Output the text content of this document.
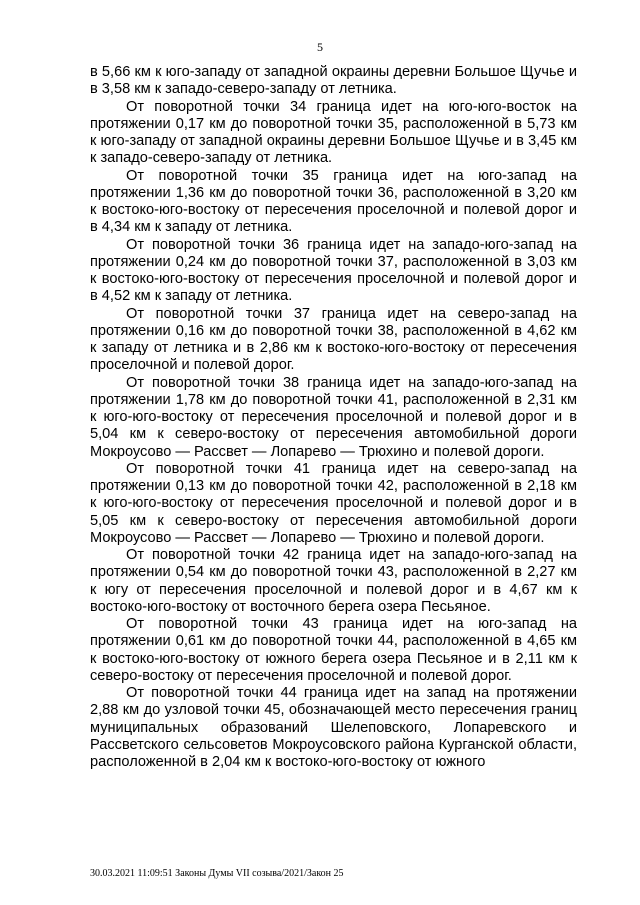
5

в 5,66 км к юго-западу от западной окраины деревни Большое Щучье и в 3,58 км к западо-северо-западу от летника.

От поворотной точки 34 граница идет на юго-юго-восток на протяжении 0,17 км до поворотной точки 35, расположенной в 5,73 км к юго-западу от западной окраины деревни Большое Щучье и в 3,45 км к западо-северо-западу от летника.

От поворотной точки 35 граница идет на юго-запад на протяжении 1,36 км до поворотной точки 36, расположенной в 3,20 км к востоко-юго-востоку от пересечения проселочной и полевой дорог и в 4,34 км к западу от летника.

От поворотной точки 36 граница идет на западо-юго-запад на протяжении 0,24 км до поворотной точки 37, расположенной в 3,03 км к востоко-юго-востоку от пересечения проселочной и полевой дорог и в 4,52 км к западу от летника.

От поворотной точки 37 граница идет на северо-запад на протяжении 0,16 км до поворотной точки 38, расположенной в 4,62 км к западу от летника и в 2,86 км к востоко-юго-востоку от пересечения проселочной и полевой дорог.

От поворотной точки 38 граница идет на западо-юго-запад на протяжении 1,78 км до поворотной точки 41, расположенной в 2,31 км к юго-юго-востоку от пересечения проселочной и полевой дорог и в 5,04 км к северо-востоку от пересечения автомобильной дороги Мокроусово — Рассвет — Лопарево — Трюхино и полевой дороги.

От поворотной точки 41 граница идет на северо-запад на протяжении 0,13 км до поворотной точки 42, расположенной в 2,18 км к юго-юго-востоку от пересечения проселочной и полевой дорог и в 5,05 км к северо-востоку от пересечения автомобильной дороги Мокроусово — Рассвет — Лопарево — Трюхино и полевой дороги.

От поворотной точки 42 граница идет на западо-юго-запад на протяжении 0,54 км до поворотной точки 43, расположенной в 2,27 км к югу от пересечения проселочной и полевой дорог и в 4,67 км к востоко-юго-востоку от восточного берега озера Песьяное.

От поворотной точки 43 граница идет на юго-запад на протяжении 0,61 км до поворотной точки 44, расположенной в 4,65 км к востоко-юго-востоку от южного берега озера Песьяное и в 2,11 км к северо-востоку от пересечения проселочной и полевой дорог.

От поворотной точки 44 граница идет на запад на протяжении 2,88 км до узловой точки 45, обозначающей место пересечения границ муниципальных образований Шелеповского, Лопаревского и Рассветского сельсоветов Мокроусовского района Курганской области, расположенной в 2,04 км к востоко-юго-востоку от южного

30.03.2021 11:09:51 Законы Думы VII созыва/2021/Закон 25
